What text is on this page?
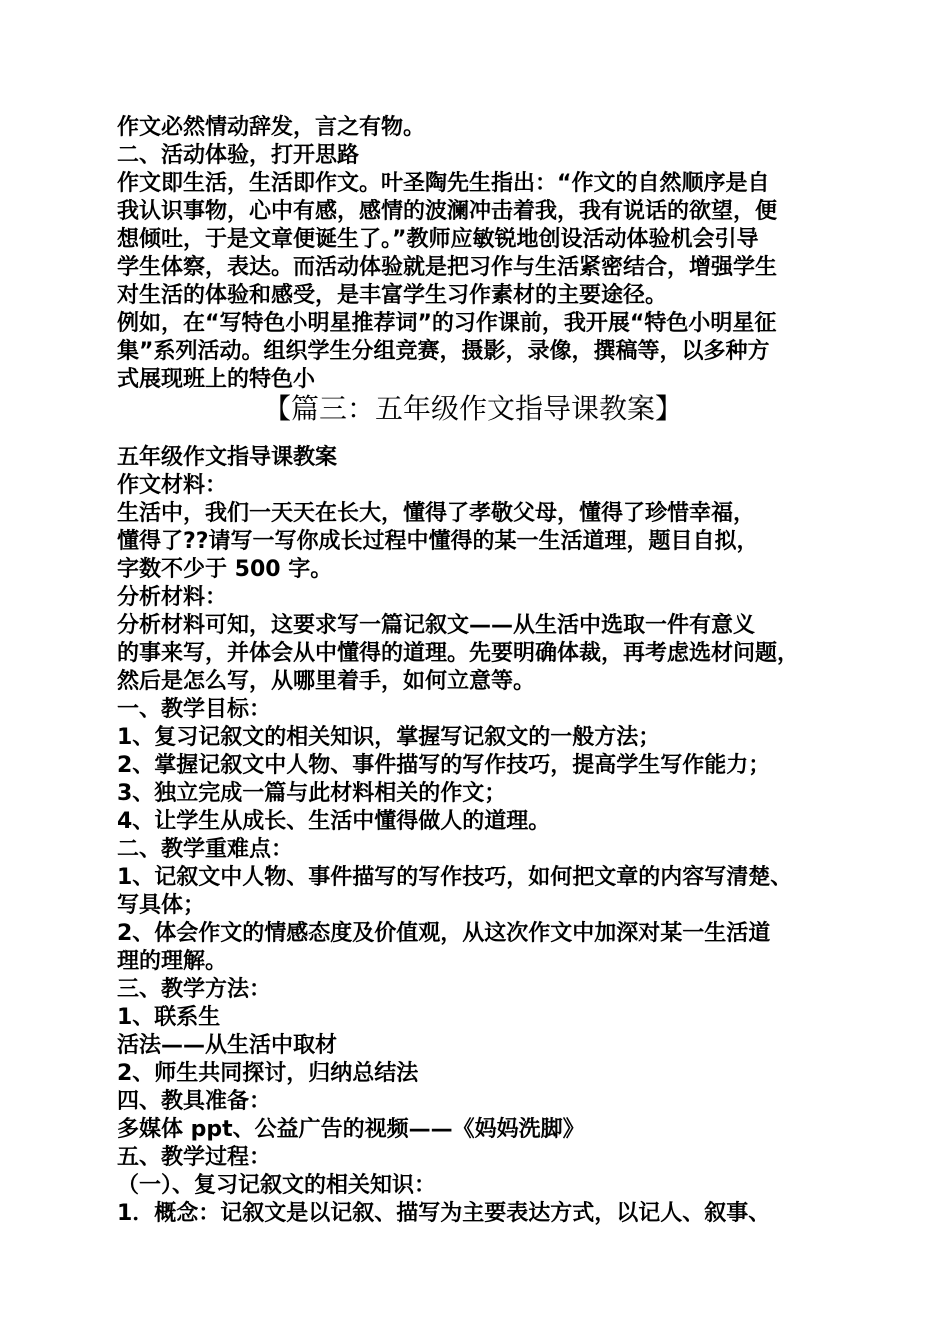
作文必然情动辞发，言之有物。
二、活动体验，打开思路
作文即生活，生活即作文。叶圣陶先生指出：“作文的自然顺序是自
我认识事物，心中有感，感情的波澜冲击着我，我有说话的欲望，便
想倾吐，于是文章便诞生了。”教师应敏锐地创设活动体验机会引导
学生体察，表达。而活动体验就是把习作与生活紧密结合，增强学生
对生活的体验和感受，是丰富学生习作素材的主要途径。
例如，在“写特色小明星推荐词”的习作课前，我开展“特色小明星征
集”系列活动。组织学生分组竞赛，摄影，录像，撰稿等，以多种方
式展现班上的特色小
【篇三：五年级作文指导课教案】
五年级作文指导课教案
作文材料：
生活中，我们一天天在长大，懂得了孝敬父母，懂得了珍惜幸福，
懂得了??请写一写你成长过程中懂得的某一生活道理，题目自拟，
字数不少于 500 字。
分析材料：
分析材料可知，这要求写一篇记叙文——从生活中选取一件有意义
的事来写，并体会从中懂得的道理。先要明确体裁，再考虑选材问题，
然后是怎么写，从哪里着手，如何立意等。
一、教学目标：
1、复习记叙文的相关知识，掌握写记叙文的一般方法；
2、掌握记叙文中人物、事件描写的写作技巧，提高学生写作能力；
3、独立完成一篇与此材料相关的作文；
4、让学生从成长、生活中懂得做人的道理。
二、教学重难点：
1、记叙文中人物、事件描写的写作技巧，如何把文章的内容写清楚、
写具体；
2、体会作文的情感态度及价值观，从这次作文中加深对某一生活道
理的理解。
三、教学方法：
1、联系生
活法——从生活中取材
2、师生共同探讨，归纳总结法
四、教具准备：
多媒体 ppt、公益广告的视频——《妈妈洗脚》
五、教学过程：
（一）、复习记叙文的相关知识：
1．概念：记叙文是以记叙、描写为主要表达方式，以记人、叙事、
